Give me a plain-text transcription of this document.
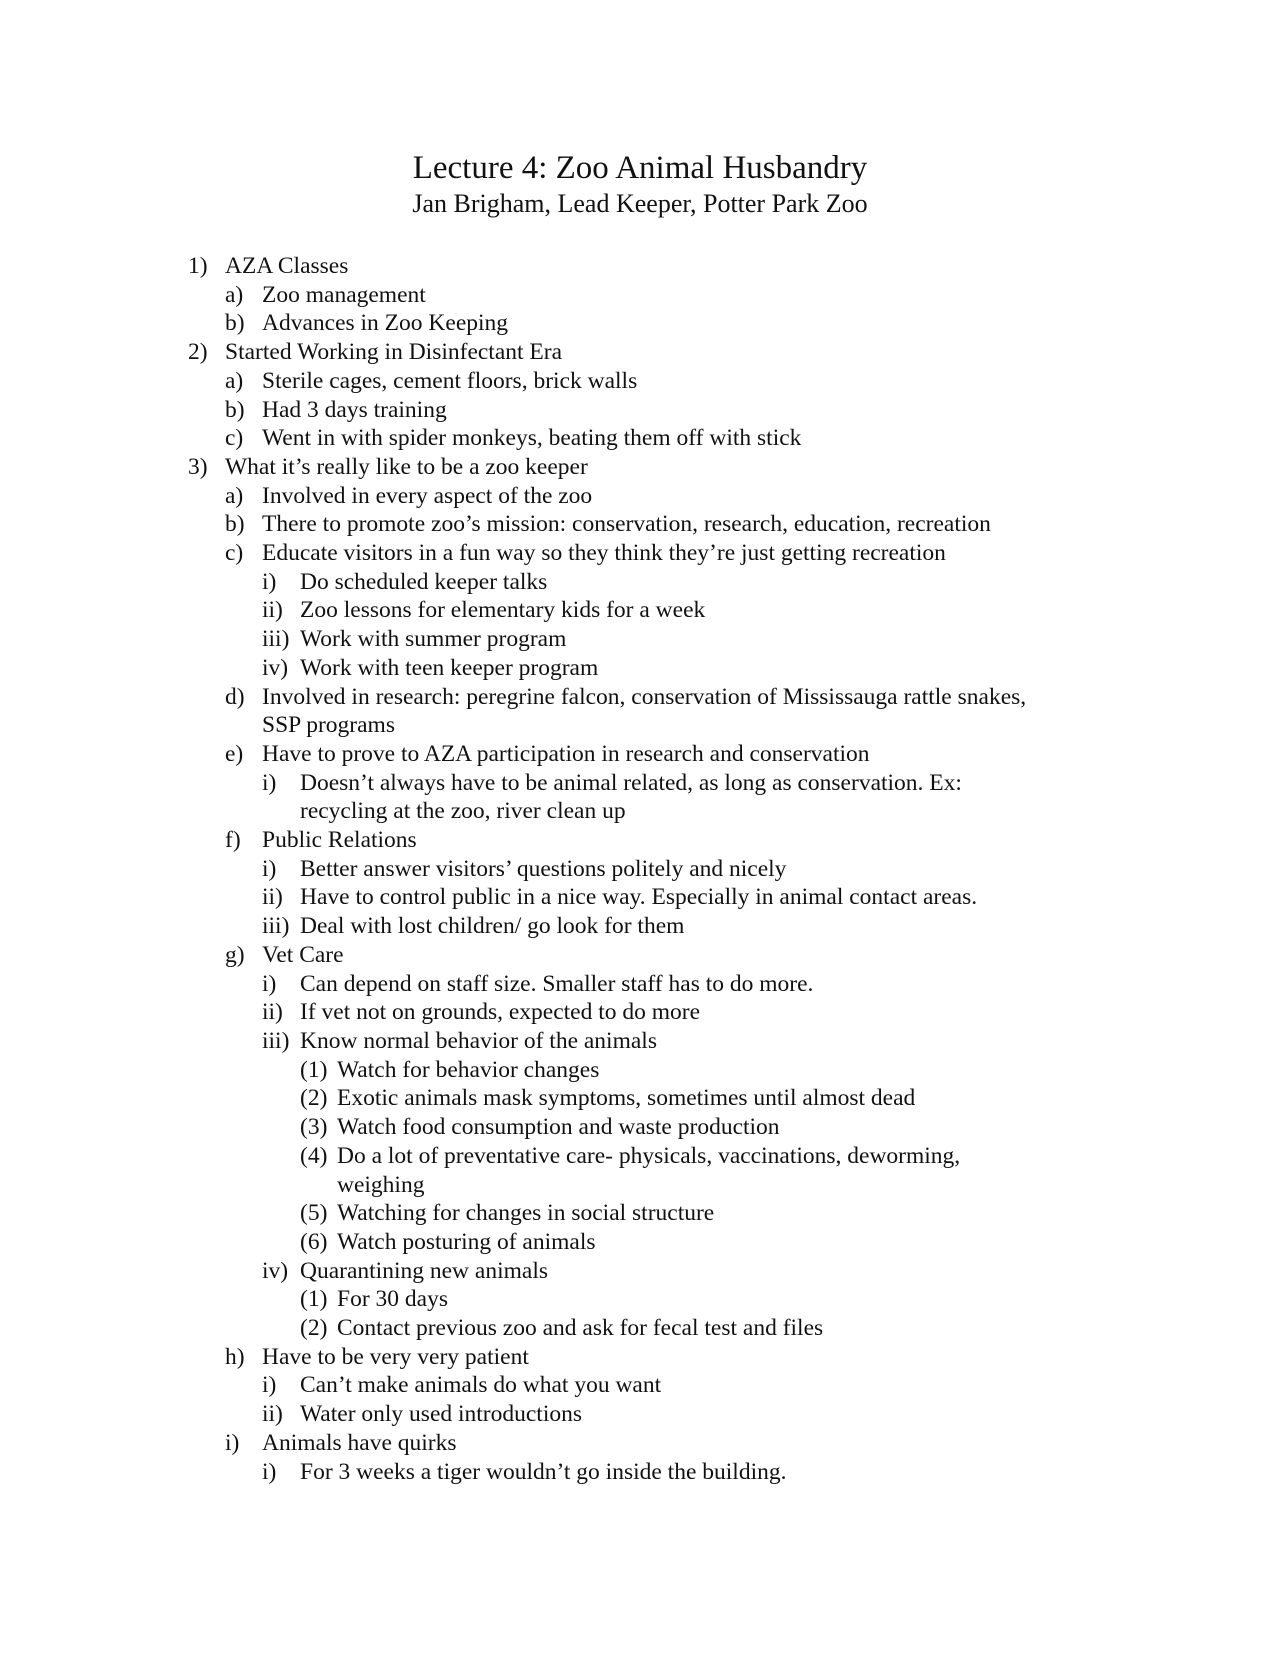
Lecture 4: Zoo Animal Husbandry
Jan Brigham, Lead Keeper, Potter Park Zoo
1) AZA Classes
a) Zoo management
b) Advances in Zoo Keeping
2) Started Working in Disinfectant Era
a) Sterile cages, cement floors, brick walls
b) Had 3 days training
c) Went in with spider monkeys, beating them off with stick
3) What it’s really like to be a zoo keeper
a) Involved in every aspect of the zoo
b) There to promote zoo’s mission: conservation, research, education, recreation
c) Educate visitors in a fun way so they think they’re just getting recreation
i) Do scheduled keeper talks
ii) Zoo lessons for elementary kids for a week
iii) Work with summer program
iv) Work with teen keeper program
d) Involved in research: peregrine falcon, conservation of Mississauga rattle snakes,
SSP programs
e) Have to prove to AZA participation in research and conservation
i) Doesn’t always have to be animal related, as long as conservation. Ex:
recycling at the zoo, river clean up
f) Public Relations
i) Better answer visitors’ questions politely and nicely
ii) Have to control public in a nice way. Especially in animal contact areas.
iii) Deal with lost children/ go look for them
g) Vet Care
i) Can depend on staff size. Smaller staff has to do more.
ii) If vet not on grounds, expected to do more
iii) Know normal behavior of the animals
(1) Watch for behavior changes
(2) Exotic animals mask symptoms, sometimes until almost dead
(3) Watch food consumption and waste production
(4) Do a lot of preventative care- physicals, vaccinations, deworming,
weighing
(5) Watching for changes in social structure
(6) Watch posturing of animals
iv) Quarantining new animals
(1) For 30 days
(2) Contact previous zoo and ask for fecal test and files
h) Have to be very very patient
i) Can’t make animals do what you want
ii) Water only used introductions
i) Animals have quirks
i) For 3 weeks a tiger wouldn’t go inside the building.
